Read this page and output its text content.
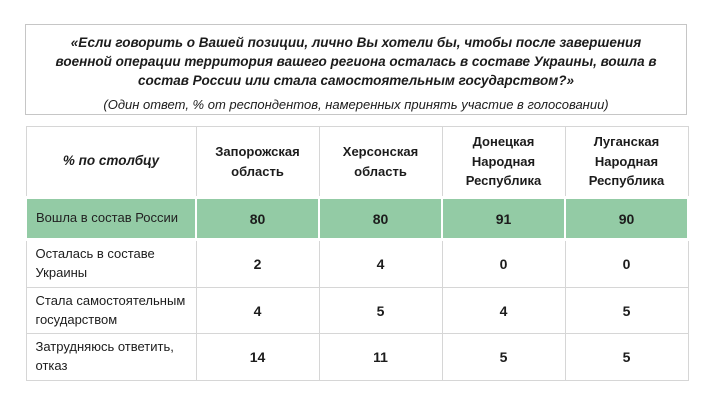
«Если говорить о Вашей позиции, лично Вы хотели бы, чтобы после завершения военной операции территория вашего региона осталась в составе Украины, вошла в состав России или стала самостоятельным государством?»

(Один ответ, % от респондентов, намеренных принять участие в голосовании)

% по столбцу	Запорожская область	Херсонская область	Донецкая Народная Республика	Луганская Народная Республика
Вошла в состав России	80	80	91	90
Осталась в составе Украины	2	4	0	0
Стала самостоятельным государством	4	5	4	5
Затрудняюсь ответить, отказ	14	11	5	5
